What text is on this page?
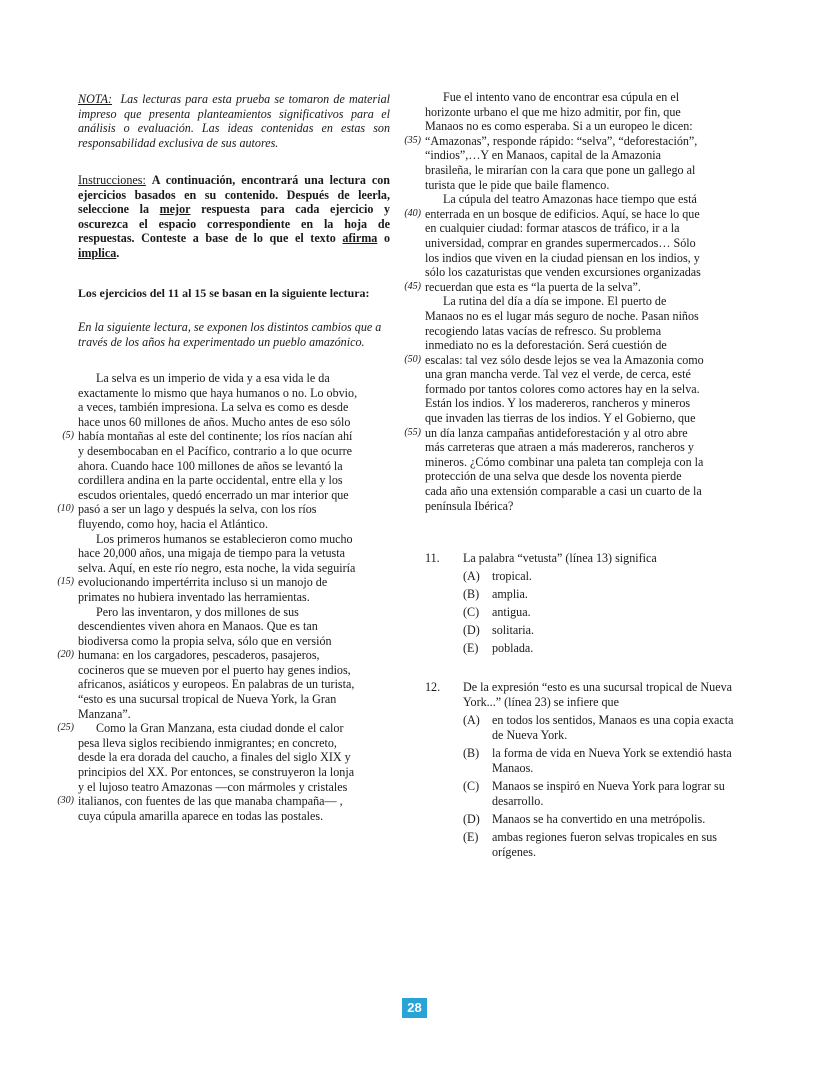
NOTA: Las lecturas para esta prueba se tomaron de material impreso que presenta planteamientos significativos para el análisis o evaluación. Las ideas contenidas en estas son responsabilidad exclusiva de sus autores.
Instrucciones: A continuación, encontrará una lectura con ejercicios basados en su contenido. Después de leerla, seleccione la mejor respuesta para cada ejercicio y oscurezca el espacio correspondiente en la hoja de respuestas. Conteste a base de lo que el texto afirma o implica.
Los ejercicios del 11 al 15 se basan en la siguiente lectura:
En la siguiente lectura, se exponen los distintos cambios que a través de los años ha experimentado un pueblo amazónico.
La selva es un imperio de vida y a esa vida le da
exactamente lo mismo que haya humanos o no. Lo obvio,
a veces, también impresiona. La selva es como es desde
hace unos 60 millones de años. Mucho antes de eso sólo
(5) había montañas al este del continente; los ríos nacían ahí
y desembocaban en el Pacífico, contrario a lo que ocurre
ahora. Cuando hace 100 millones de años se levantó la
cordillera andina en la parte occidental, entre ella y los
escudos orientales, quedó encerrado un mar interior que
(10) pasó a ser un lago y después la selva, con los ríos
fluyendo, como hoy, hacia el Atlántico.
Los primeros humanos se establecieron como mucho
hace 20,000 años, una migaja de tiempo para la vetusta
selva. Aquí, en este río negro, esta noche, la vida seguiría
(15) evolucionando impertérrita incluso si un manojo de
primates no hubiera inventado las herramientas.
Pero las inventaron, y dos millones de sus
descendientes viven ahora en Manaos. Que es tan
biodiversa como la propia selva, sólo que en versión
(20) humana: en los cargadores, pescaderos, pasajeros,
cocineros que se mueven por el puerto hay genes indios,
africanos, asiáticos y europeos. En palabras de un turista,
“esto es una sucursal tropical de Nueva York, la Gran
Manzana”.
(25) Como la Gran Manzana, esta ciudad donde el calor
pesa lleva siglos recibiendo inmigrantes; en concreto,
desde la era dorada del caucho, a finales del siglo XIX y
principios del XX. Por entonces, se construyeron la lonja
y el lujoso teatro Amazonas —con mármoles y cristales
(30) italianos, con fuentes de las que manaba champaña— ,
cuya cúpula amarilla aparece en todas las postales.
Fue el intento vano de encontrar esa cúpula en el
horizonte urbano el que me hizo admitir, por fin, que
Manaos no es como esperaba. Si a un europeo le dicen:
(35) “Amazonas”, responde rápido: “selva”, “deforestación”,
“indios”,…Y en Manaos, capital de la Amazonia
brasileña, le mirarían con la cara que pone un gallego al
turista que le pide que baile flamenco.
La cúpula del teatro Amazonas hace tiempo que está
(40) enterrada en un bosque de edificios. Aquí, se hace lo que
en cualquier ciudad: formar atascos de tráfico, ir a la
universidad, comprar en grandes supermercados… Sólo
los indios que viven en la ciudad piensan en los indios, y
sólo los cazaturistas que venden excursiones organizadas
(45) recuerdan que esta es “la puerta de la selva”.
La rutina del día a día se impone. El puerto de
Manaos no es el lugar más seguro de noche. Pasan niños
recogiendo latas vacías de refresco. Su problema
inmediato no es la deforestación. Será cuestión de
(50) escalas: tal vez sólo desde lejos se vea la Amazonia como
una gran mancha verde. Tal vez el verde, de cerca, esté
formado por tantos colores como actores hay en la selva.
Están los indios. Y los madereros, rancheros y mineros
que invaden las tierras de los indios. Y el Gobierno, que
(55) un día lanza campañas antideforestación y al otro abre
más carreteras que atraen a más madereros, rancheros y
mineros. ¿Cómo combinar una paleta tan compleja con la
protección de una selva que desde los noventa pierde
cada año una extensión comparable a casi un cuarto de la
península Ibérica?
11. La palabra “vetusta” (línea 13) significa
(A) tropical.
(B) amplia.
(C) antigua.
(D) solitaria.
(E) poblada.
12. De la expresión “esto es una sucursal tropical de Nueva York...” (línea 23) se infiere que
(A) en todos los sentidos, Manaos es una copia exacta de Nueva York.
(B) la forma de vida en Nueva York se extendió hasta Manaos.
(C) Manaos se inspiró en Nueva York para lograr su desarrollo.
(D) Manaos se ha convertido en una metrópolis.
(E) ambas regiones fueron selvas tropicales en sus orígenes.
28
